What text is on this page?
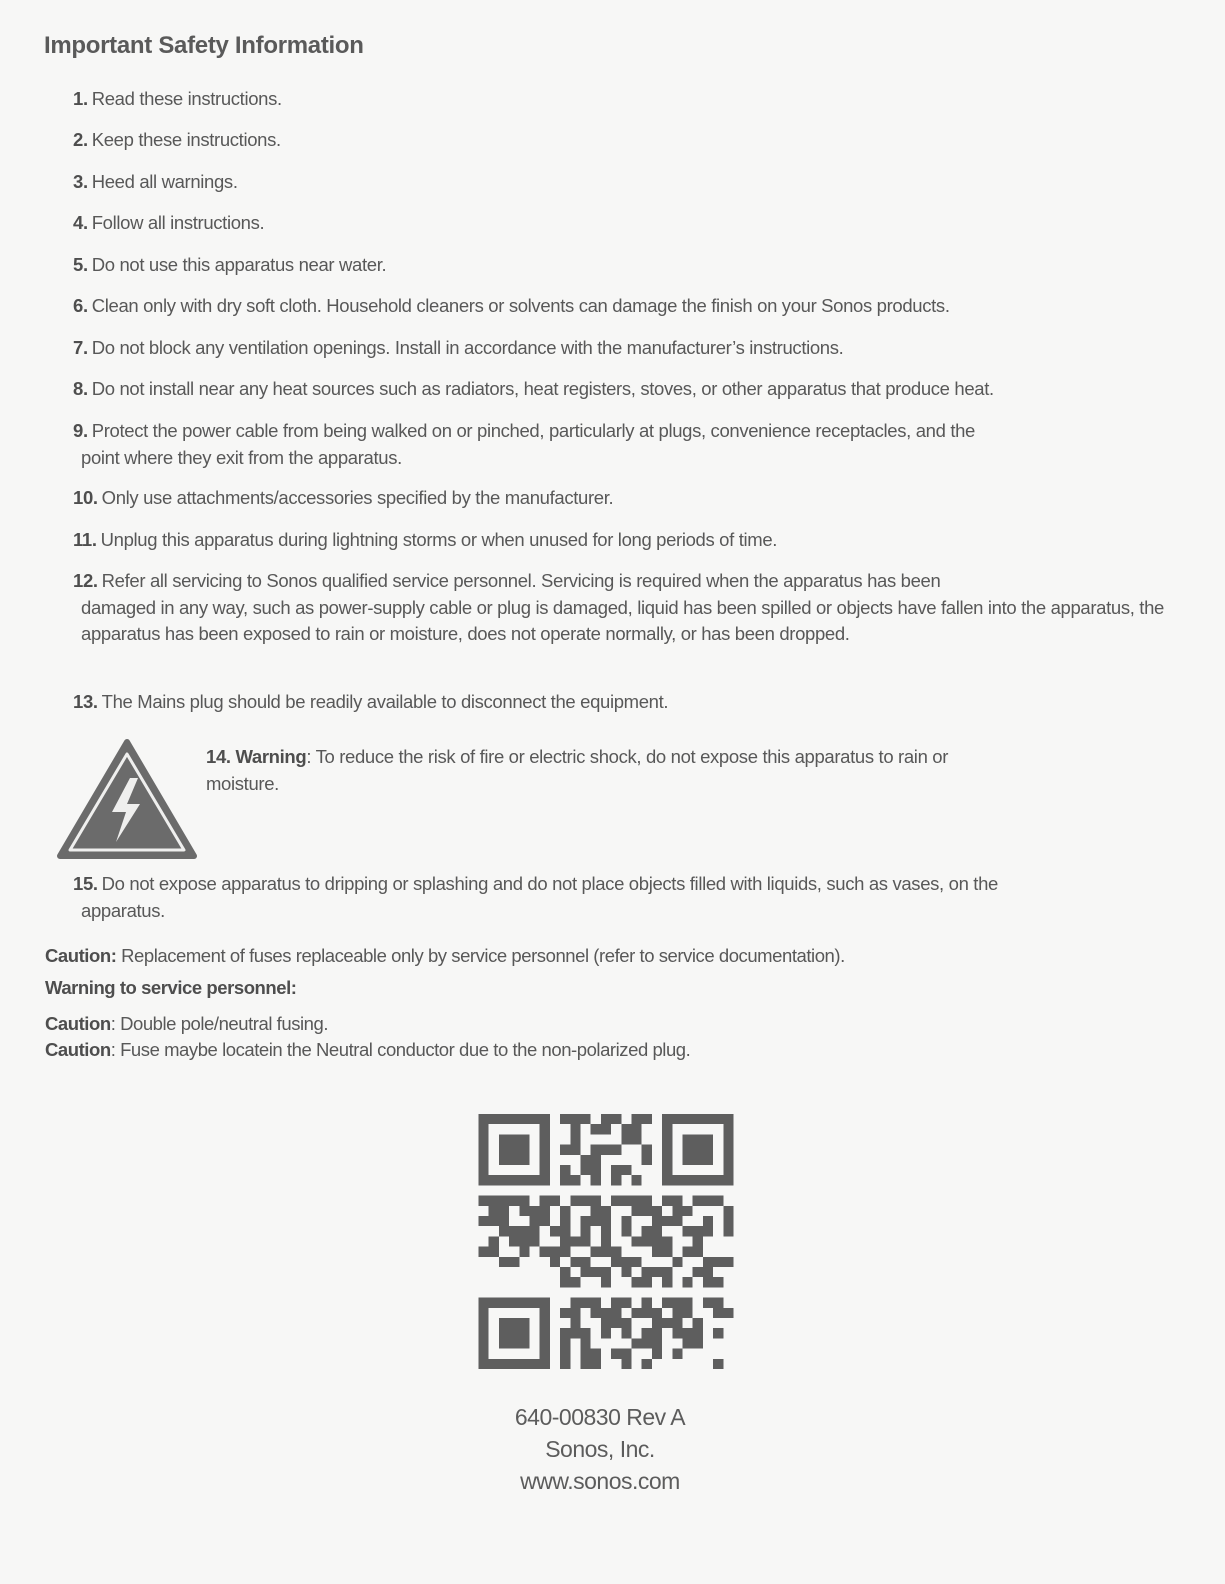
Important Safety Information
1. Read these instructions.
2. Keep these instructions.
3. Heed all warnings.
4. Follow all instructions.
5. Do not use this apparatus near water.
6. Clean only with dry soft cloth. Household cleaners or solvents can damage the finish on your Sonos products.
7. Do not block any ventilation openings. Install in accordance with the manufacturer’s instructions.
8. Do not install near any heat sources such as radiators, heat registers, stoves, or other apparatus that produce heat.
9. Protect the power cable from being walked on or pinched, particularly at plugs, convenience receptacles, and the
point where they exit from the apparatus.
10. Only use attachments/accessories specified by the manufacturer.
11. Unplug this apparatus during lightning storms or when unused for long periods of time.
12. Refer all servicing to Sonos qualified service personnel. Servicing is required when the apparatus has been
damaged in any way, such as power-supply cable or plug is damaged, liquid has been spilled or objects have fallen into the apparatus, the apparatus has been exposed to rain or moisture, does not operate normally, or has been dropped.
13. The Mains plug should be readily available to disconnect the equipment.
14. Warning: To reduce the risk of fire or electric shock, do not expose this apparatus to rain or
moisture.
15. Do not expose apparatus to dripping or splashing and do not place objects filled with liquids, such as vases, on the
apparatus.
Caution: Replacement of fuses replaceable only by service personnel (refer to service documentation).
Warning to service personnel:
Caution: Double pole/neutral fusing.
Caution: Fuse maybe locatein the Neutral conductor due to the non-polarized plug.
640-00830 Rev A
Sonos, Inc.
www.sonos.com
